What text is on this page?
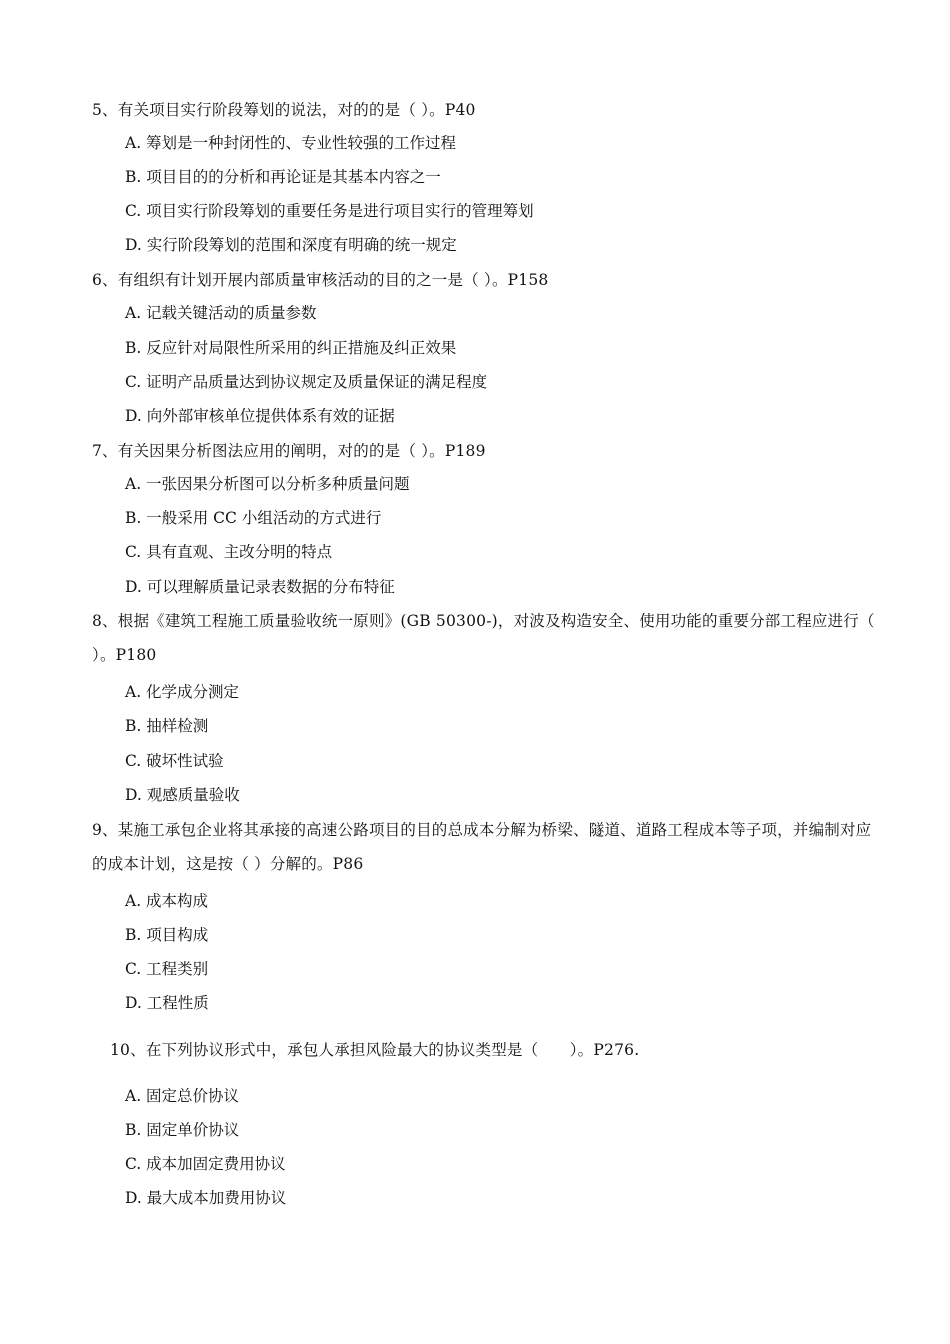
5、有关项目实行阶段筹划的说法，对的的是（ ）。P40
A. 筹划是一种封闭性的、专业性较强的工作过程
B. 项目目的的分析和再论证是其基本内容之一
C. 项目实行阶段筹划的重要任务是进行项目实行的管理筹划
D. 实行阶段筹划的范围和深度有明确的统一规定
6、有组织有计划开展内部质量审核活动的目的之一是（ ）。P158
A. 记载关键活动的质量参数
B. 反应针对局限性所采用的纠正措施及纠正效果
C. 证明产品质量达到协议规定及质量保证的满足程度
D. 向外部审核单位提供体系有效的证据
7、有关因果分析图法应用的阐明，对的的是（ ）。P189
A. 一张因果分析图可以分析多种质量问题
B. 一般采用 CC 小组活动的方式进行
C. 具有直观、主改分明的特点
D. 可以理解质量记录表数据的分布特征
8、根据《建筑工程施工质量验收统一原则》(GB 50300-)，对波及构造安全、使用功能的重要分部工程应进行（ ）。P180
A. 化学成分测定
B. 抽样检测
C. 破坏性试验
D. 观感质量验收
9、某施工承包企业将其承接的高速公路项目的目的总成本分解为桥梁、隧道、道路工程成本等子项，并编制对应的成本计划，这是按（ ）分解的。P86
A. 成本构成
B. 项目构成
C. 工程类别
D. 工程性质
10、在下列协议形式中，承包人承担风险最大的协议类型是（　　）。P276.
A. 固定总价协议
B. 固定单价协议
C. 成本加固定费用协议
D. 最大成本加费用协议
